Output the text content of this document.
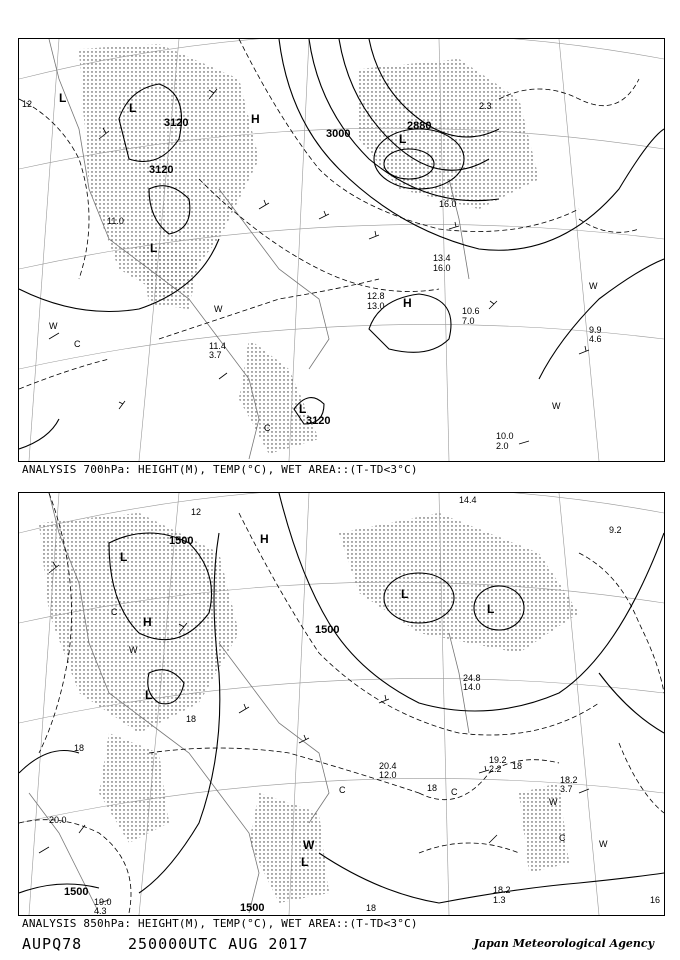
3120
3120
3000
2880
3120
L
L
H
L
L
H
L
W
C
W
W
W
C
12
10.0
2.0
10.6
7.0
12.8
13.0
13.4
16.0
9.9
4.6
11.4
3.7
11.0
16.0
2.3
ANALYSIS 700hPa: HEIGHT(M), TEMP(°C), WET AREA::(T-TD<3°C)
1500
1500
1500
1500
L
H
H
L
L
L
W
C
W
W
C	C
C
W
L
18
18
18
18
12
18
16
18.2
1.3
18.2
3.7
19.2
2.2
20.4
12.0
24.8
14.0
20.0
19.0
4.3
14.4
9.2
ANALYSIS 850hPa: HEIGHT(M), TEMP(°C), WET AREA::(T-TD<3°C)
AUPQ78	250000UTC AUG 2017	Japan Meteorological Agency
